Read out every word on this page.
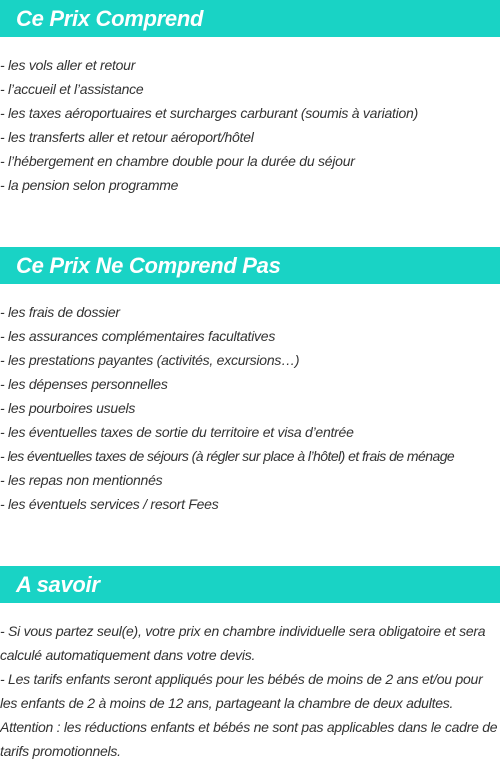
Ce Prix Comprend
- les vols aller et retour
- l’accueil et l’assistance
- les taxes aéroportuaires et surcharges carburant (soumis à variation)
- les transferts aller et retour aéroport/hôtel
- l’hébergement en chambre double pour la durée du séjour
- la pension selon programme
Ce Prix Ne Comprend Pas
- les frais de dossier
- les assurances complémentaires facultatives
- les prestations payantes (activités, excursions…)
- les dépenses personnelles
- les pourboires usuels
- les éventuelles taxes de sortie du territoire et visa d’entrée
- les éventuelles taxes de séjours (à régler sur place à l’hôtel) et frais de ménage
- les repas non mentionnés
- les éventuels services / resort Fees
A savoir

- Si vous partez seul(e), votre prix en chambre individuelle sera obligatoire et sera calculé automatiquement dans votre devis.

- Les tarifs enfants seront appliqués pour les bébés de moins de 2 ans et/ou pour les enfants de 2 à moins de 12 ans, partageant la chambre de deux adultes.

Attention : les réductions enfants et bébés ne sont pas applicables dans le cadre de tarifs promotionnels.
